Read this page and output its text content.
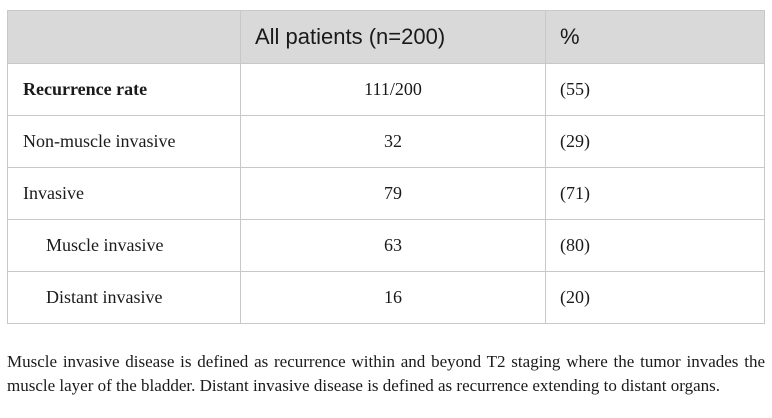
	All patients (n=200)	%
Recurrence rate	111/200	(55)
Non-muscle invasive	32	(29)
Invasive	79	(71)
Muscle invasive	63	(80)
Distant invasive	16	(20)

Muscle invasive disease is defined as recurrence within and beyond T2 staging where the tumor invades the muscle layer of the bladder. Distant invasive disease is defined as recurrence extending to distant organs.
